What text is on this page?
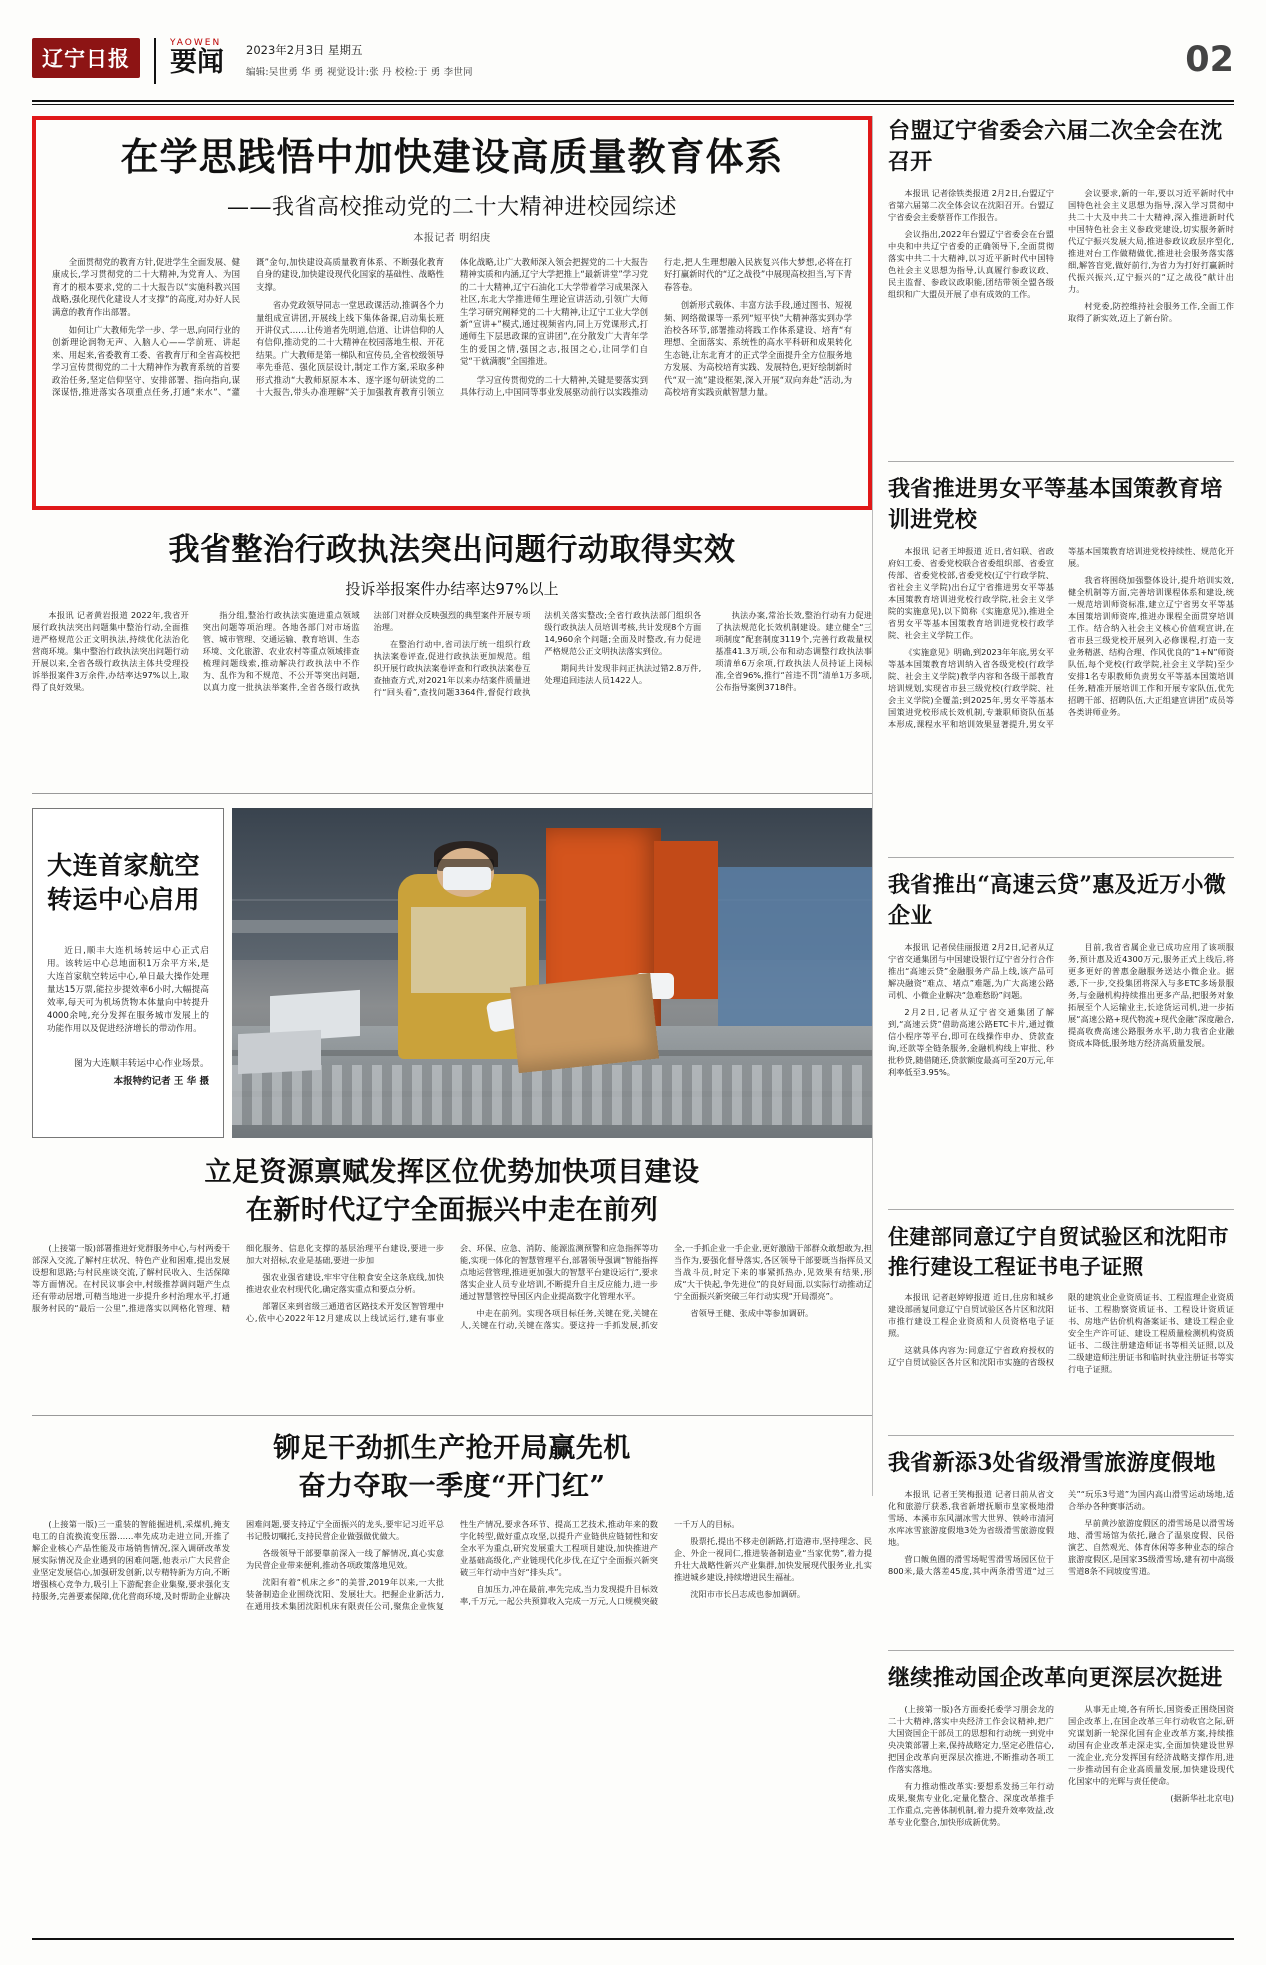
辽宁日报
YAOWEN
要闻 2023年2月3日 星期五
编辑:吴世勇 华 勇 视觉设计:张 丹 校检:于 勇 李世同	02
在学思践悟中加快建设高质量教育体系
——我省高校推动党的二十大精神进校园综述
本报记者 明绍庚

全面贯彻党的教育方针,促进学生全面发展、健康成长,学习贯彻党的二十大精神,为党育人、为国育才的根本要求,党的二十大报告以“实施科教兴国战略,强化现代化建设人才支撑”的高度,对办好人民满意的教育作出部署。

如何让广大教师先学一步、学一思,向同行业的创新理论润物无声、入脑人心——学前班、讲起来、用起来,省委教育工委、省教育厅和全省高校把学习宣传贯彻党的二十大精神作为教育系统的首要政治任务,坚定信仰坚守、安排部署、指向指向,谋深谋悟,推进落实各项重点任务,打通“来水”、“灌溉”金句,加快建设高质量教育体系、不断强化教育自身的建设,加快建设现代化国家的基础性、战略性支撑。

省办党政领导同志一堂思政课活动,推调各个力量组成宣讲团,开展线上线下集体备课,启动集长班开讲仪式……让传道者先明道,信道、让讲信仰的人有信仰,推动党的二十大精神在校园落地生根、开花结果。广大教师是第一梯队和宣传员,全省校级领导率先垂范、强化顶层设计,制定工作方案,采取多种形式推动“大教师原原本本、逐字逐句研读党的二十大报告,带头办准理解“关于加强教育教育引领立体化战略,让广大教师深入领会把握党的二十大报告精神实质和内涵,辽宁大学把推上“最新讲堂”学习党的二十大精神,辽宁石油化工大学带着学习成果深入社区,东北大学推进师生理论宣讲活动,引领广大师生学习研究阐释党的二十大精神,让辽宁工业大学创新“宣讲+”模式,通过视频省内,同上万党课形式,打通师生下层思政课的宣讲团”,在分散发广大青年学生的爱国之情,强国之志,报国之心,让同学们自觉“干就满腹”全国推进。

学习宣传贯彻党的二十大精神,关键是要落实到具体行动上,中国同等事业发展驱动前行以实践推动行走,把人生理想融入民族复兴伟大梦想,必将在打好打赢新时代的“辽之战役”中展现高校担当,写下青春答卷。

创新形式载体、丰富方法手段,通过图书、短视频、网络微课等一系列“短平快”大精神落实到办学治校各环节,部署推动将践工作体系建设、培育“有理想、全面落实、系统性的高水平科研和成果转化生态链,让东北育才的正式学全面提升全方位服务地方发展、为高校培育实践、发展特色,更好绘制新时代“双一流”建设框架,深入开展“双向奔赴”活动,为高校培育实践贡献智慧力量。

我省整治行政执法突出问题行动取得实效
投诉举报案件办结率达97%以上

本报讯 记者黄岩报道 2022年,我省开展行政执法突出问题集中整治行动,全面推进严格规范公正文明执法,持续优化法治化营商环境。集中整治行政执法突出问题行动开展以来,全省各级行政执法主体共受理投诉举报案件3万余件,办结率达97%以上,取得了良好效果。

指分组,整治行政执法实施进重点领域突出问题等项治理。各地各部门对市场监管、城市管理、交通运输、教育培训、生态环境、文化旅游、农业农村等重点领域排查梳理问题线索,推动解决行政执法中不作为、乱作为和不规范、不公开等突出问题,以真力度一批执法举案件,全省各级行政执法部门对群众反映强烈的典型案件开展专项治理。

在整治行动中,省司法厅统一组织行政执法案卷评查,促进行政执法更加规范。组织开展行政执法案卷评查和行政执法案卷互查抽查方式,对2021年以来办结案件质量进行“回头看”,查找问题3364件,督促行政执法机关落实整改;全省行政执法部门组织各级行政执法人员培训考核,共计发现8个方面14,960余个问题;全面及时整改,有力促进严格规范公正文明执法落实到位。

期间共计发现非问正执法过错2.8万件,处理追回违法人员1422人。

执法办案,常治长效,整治行动有力促进了执法规范化长效机制建设。建立健全“三项制度”配套制度3119个,完善行政裁量权基准41.3万项,公布和动态调整行政执法事项清单6万余项,行政执法人员持证上岗标准,全省96%,推行“首违不罚”清单1万多项,公布指导案例3718件。

大连首家航空转运中心启用

近日,顺丰大连机场转运中心正式启用。该转运中心总地面积1万余平方米,是大连首家航空转运中心,单日最大操作处理量达15万票,能拉步提效率6小时,大幅提高效率,每天可为机场货物本体量向中转提升4000余吨,充分发挥在服务城市发展上的功能作用以及促进经济增长的带动作用。

图为大连顺丰转运中心作业场景。

本报特约记者 王 华 摄

立足资源禀赋发挥区位优势加快项目建设
在新时代辽宁全面振兴中走在前列

(上接第一版)部署推进好党群服务中心,与村两委干部深入交流,了解村庄状况、特色产业和困难,提出发展设想和思路;与村民座谈交流,了解村民收入、生活保障等方面情况。在村民议事会中,村级推荐调问题产生点还有带动居增,可精当地进一步提升乡村治理水平,打通服务村民的“最后一公里”,推进落实以网格化管理、精细化服务、信息化支撑的基层治理平台建设,要进一步加大对招标,农业是基础,要进一步加

强农业强省建设,牢牢守住粮食安全这条底线,加快推进农业农村现代化,确定落实重点和要点分析。

部署区来到省级三通道省区路技术开发区智管理中心,依中心2022年12月建成以上线试运行,建有事业会、环保、应急、消防、能源监测预警和应急指挥等功能,实现一体化的智慧管理平台,部署领导强调“智能指挥点地运营管理,推进更加强大的智慧平台建设运行”,要求落实企业人员专业培训,不断提升自主反应能力,进一步通过智慧管控导国区内企业提高数字化管理水平。

中走在前列。实现各项目标任务,关键在党,关键在人,关键在行动,关键在落实。要这持一手抓发展,抓安全,一手抓企业一手企业,更好激励干部群众敢想敢为,担当作为,要强化督导落实,各区领导干部要既当指挥员又当战斗员,时定下来的事紧抓热办,见效果有结果,形成“大干快起,争先进位”的良好局面,以实际行动推动辽宁全面振兴新突破三年行动实现“开局漂亮”。

省领导王健、张成中等参加调研。

铆足干劲抓生产抢开局赢先机
奋力夺取一季度“开门红”

(上接第一版)三一重装的智能掘进机,采煤机,掩支电工的自流换流变压器……率先成功走进立同,开推了解企业核心产品性能及市场销售情况,深入调研改革发展实际情况及企业遇到的困难问题,他表示广大民营企业坚定发展信心,加强研发创新,以专精特新为方向,不断增强核心竞争力,吸引上下游配套企业集聚,要求强化支持服务,完善要素保障,优化营商环境,及时帮助企业解决困难问题,要支持辽宁全面振兴的龙头,要牢记习近平总书记殷切嘱托,支持民营企业做强做优做大。

各级领导干部要靠前深入一线了解情况,真心实意为民营企业带来便利,推动各项政策落地见效。

沈阳有着“机床之乡”的美誉,2019年以来,一大批装备制造企业围绕沈阳、发展壮大。把握企业新活力,在通用技术集团沈阳机床有限责任公司,聚焦企业恢复性生产情况,要求各环节、提高工艺技术,推动年来的数字化转型,做好重点攻坚,以提升产业链供应链韧性和安全水平为重点,研究发展重大工程项目建设,加快推进产业基础高级化,产业链现代化步伐,在辽宁全面振兴新突破三年行动中当好“排头兵”。

自加压力,冲在最前,率先完成,当力发现提升目标效率,千万元,一起公共预算收入完成一万元,人口规模突破一千万人的目标。

股票托,提出不移走创新路,打造港市,坚持理念、民企、外企一视同仁,推进装备制造业“当家优势”,着力提升壮大战略性新兴产业集群,加快发展现代服务业,扎实推进城乡建设,持续增进民生福祉。

沈阳市市长吕志成也参加调研。

台盟辽宁省委会六届二次全会在沈召开

本报讯 记者徐铁类报道 2月2日,台盟辽宁省第六届第二次全体会议在沈阳召开。台盟辽宁省委会主委蔡晋作工作报告。

会议指出,2022年台盟辽宁省委会在台盟中央和中共辽宁省委的正确领导下,全面贯彻落实中共二十大精神,以习近平新时代中国特色社会主义思想为指导,认真履行参政议政、民主监督、参政议政职能,团结带领全盟各级组织和广大盟员开展了卓有成效的工作。

会议要求,新的一年,要以习近平新时代中国特色社会主义思想为指导,深入学习贯彻中共二十大及中共二十大精神,深入推进新时代中国特色社会主义参政党建设,切实服务新时代辽宁振兴发展大局,推进参政议政层序型化,推进对台工作做精做优,推进社会服务落实落细,解答盲党,做好前行,为省力为打好打赢新时代振兴振兴,辽宁振兴的“辽之战役”献计出力。

村党委,防控维持社会服务工作,全面工作取得了新实效,迈上了新台阶。

我省推进男女平等基本国策教育培训进党校

本报讯 记者王坤报道 近日,省妇联、省政府妇工委、省委党校联合省委组织部、省委宣传部、省委党校部,省委党校(辽宁行政学院、省社会主义学院)出台辽宁省推进男女平等基本国策教育培训进党校行政学院,社会主义学院的实施意见),以下简称《实施意见》),推进全省男女平等基本国策教育培训进党校行政学院、社会主义学院工作。

《实施意见》明确,到2023年年底,男女平等基本国策教育培训纳入省各级党校(行政学院、社会主义学院)教学内容和各级干部教育培训规划,实现省市县三级党校(行政学院、社会主义学院)全覆盖;到2025年,男女平等基本国策进党校形成长效机制,专兼职师资队伍基本形成,课程水平和培训效果显著提升,男女平等基本国策教育培训进党校持续性、规范化开展。

我省将围绕加强整体设计,提升培训实效,健全机制等方面,完善培训课程体系和建设,统一规范培训师资标准,建立辽宁省男女平等基本国策培训师资库,推进办课程全面贯穿培训工作。结合纳入社会主义核心价值观宣讲,在省市县三级党校开展列入必修课程,打造一支业务精湛、结构合理、作风优良的“1+N”师资队伍,每个党校(行政学院,社会主义学院)至少安排1名专职教师负责男女平等基本国策培训任务,精准开展培训工作和开展专家队伍,优先招聘干部、招聘队伍,大正组建宣讲团”成员等各类讲师业务。

我省推出“高速云贷”惠及近万小微企业

本报讯 记者侯佳丽报道 2月2日,记者从辽宁省交通集团与中国建设银行辽宁省分行合作推出“高速云贷”金融服务产品上线,该产品可解决融资“难点、堵点”难题,为广大高速公路司机、小微企业解决“急难愁盼”问题。

2月2日,记者从辽宁省交通集团了解到,“高速云贷”借助高速公路ETC卡片,通过微信小程序等平台,即可在线操作申办、贷款查询,还款等全链条服务,金融机构线上审批、秒批秒贷,随借随还,贷款额度最高可至20万元,年利率低至3.95%。

目前,我省省属企业已成功应用了该项服务,预计惠及近4300万元,服务正式上线后,将更多更好的普惠金融服务送达小微企业。据悉,下一步,交投集团将深入与多ETC多场景服务,与金融机构持续推出更多产品,把服务对象拓展至个人运输业主,长途货运司机,进一步拓展“高速公路+现代物流+现代金融”深度融合,提高收费高速公路服务水平,助力我省企业融资成本降低,服务地方经济高质量发展。

住建部同意辽宁自贸试验区和沈阳市推行建设工程证书电子证照

本报讯 记者赵婷婷报道 近日,住房和城乡建设部函复同意辽宁自贸试验区各片区和沈阳市推行建设工程企业资质和人员资格电子证照。

这就具体内容为:同意辽宁省政府授权的辽宁自贸试验区各片区和沈阳市实施的省级权限的建筑业企业资质证书、工程监理企业资质证书、工程勘察资质证书、工程设计资质证书、房地产估价机构备案证书、建设工程企业安全生产许可证、建设工程质量检测机构资质证书、二级注册建造师证书等相关证照,以及二级建造师注册证书和临时执业注册证书等实行电子证照。

我省新添3处省级滑雪旅游度假地

本报讯 记者王笑梅报道 记者日前从省文化和旅游厅获悉,我省新增抚顺市皇家极地滑雪场、本溪市东风湖冰雪大世界、铁岭市清河水库冰雪旅游度假地3处为省级滑雪旅游度假地。

营口鲅鱼圈的滑雪场呢雪滑雪场园区位于800米,最大落差45度,其中两条滑雪道“过三关”“玩乐3号道”为国内高山滑雪运动场地,适合举办各种赛事活动。

早前黄沙旅游度假区的滑雪场是以滑雪场地、滑雪场馆为依托,融合了温泉度假、民俗演艺、自然观光、体育休闲等多种业态的综合旅游度假区,是国家3S级滑雪场,建有初中高级雪道8条不同坡度雪道。

继续推动国企改革向更深层次挺进

(上接第一版)各方面委托委学习朋会龙的二十大精神,落实中央经济工作会议精神,把广大国资国企干部员工的思想和行动统一到党中央决策部署上来,保持战略定力,坚定必胜信心,把国企改革向更深层次推进,不断推动各项工作落实落地。

有力推动惟改革实:要想系发扬三年行动成果,聚焦专业化,定量化整合、深度改革推手工作重点,完善体制机制,着力提升效率效益,改革专业化整合,加快形成新优势。

从事无止境,各有所长,国资委正围绕国资国企改革上,在国企改革三年行动收官之际,研究谋划新一轮深化国有企业改革方案,持续推动国有企业改革走深走实,全面加快建设世界一流企业,充分发挥国有经济战略支撑作用,进一步推动国有企业高质量发展,加快建设现代化国家中的光辉与责任使命。

(据新华社北京电)
